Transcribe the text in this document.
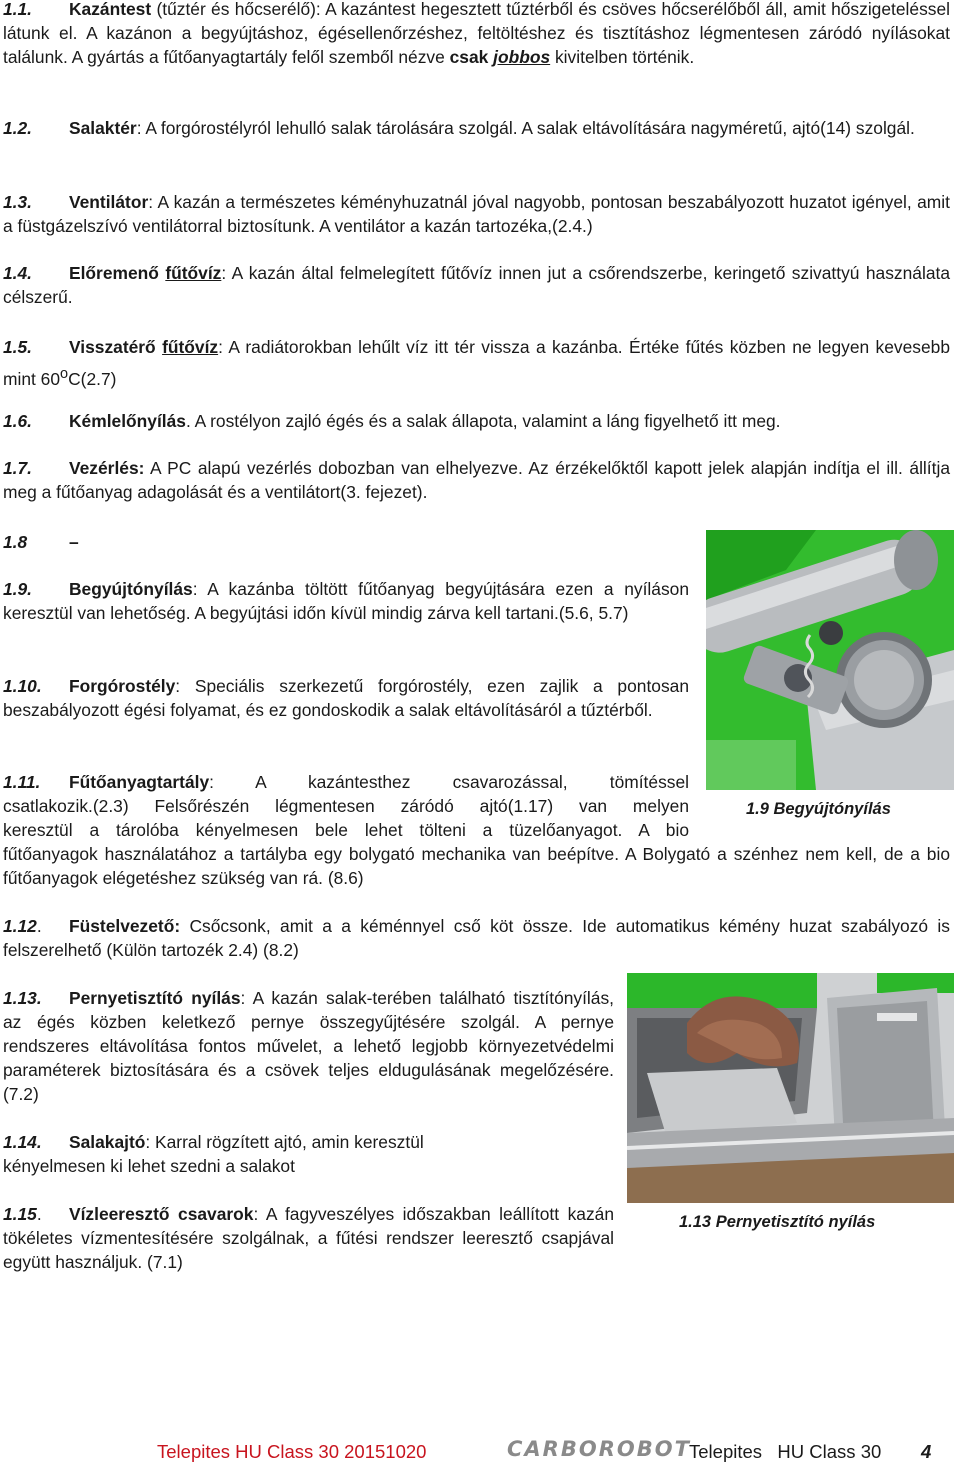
1.1. Kazántest (tűztér és hőcserélő): A kazántest hegesztett tűztérből és csöves hőcserélőből áll, amit hőszigeteléssel látunk el. A kazánon a begyújtáshoz, égésellenőrzéshez, feltöltéshez és tisztításhoz légmentesen záródó nyílásokat találunk. A gyártás a fűtőanyagtartály felől szemből nézve csak jobbos kivitelben történik.

1.2. Salaktér: A forgórostélyról lehulló salak tárolására szolgál. A salak eltávolítására nagyméretű, ajtó(14) szolgál.

1.3. Ventilátor: A kazán a természetes kéményhuzatnál jóval nagyobb, pontosan beszabályozott huzatot igényel, amit a füstgázelszívó ventilátorral biztosítunk. A ventilátor a kazán tartozéka,(2.4.)

1.4. Előremenő fűtővíz: A kazán által felmelegített fűtővíz innen jut a csőrendszerbe, keringető szivattyú használata célszerű.

1.5. Visszatérő fűtővíz: A radiátorokban lehűlt víz itt tér vissza a kazánba. Értéke fűtés közben ne legyen kevesebb mint 60$^o$C(2.7)

1.6. Kémlelőnyílás. A rostélyon zajló égés és a salak állapota, valamint a láng figyelhető itt meg.

1.7. Vezérlés: A PC alapú vezérlés dobozban van elhelyezve. Az érzékelőktől kapott jelek alapján indítja el ill. állítja meg a fűtőanyag adagolását és a ventilátort(3. fejezet).

1.8 –

1.9. Begyújtónyílás: A kazánba töltött fűtőanyag begyújtására ezen a nyíláson keresztül van lehetőség. A begyújtási időn kívül mindig zárva kell tartani.(5.6, 5.7)

1.10. Forgórostély: Speciális szerkezetű forgórostély, ezen zajlik a pontosan beszabályozott égési folyamat, és ez gondoskodik a salak eltávolításáról a tűztérből.

1.11. Fűtőanyagtartály: A kazántesthez csavarozással, tömítéssel
csatlakozik.(2.3) Felsőrészén légmentesen záródó ajtó(1.17) van melyen
keresztül a tárolóba kényelmesen bele lehet tölteni a tüzelőanyagot. A bio

fűtőanyagok használatához a tartályba egy bolygató mechanika van beépítve. A Bolygató a szénhez nem kell, de a bio fűtőanyagok elégetéshez szükség van rá. (8.6)

1.12. Füstelvezető: Csőcsonk, amit a a kéménnyel cső köt össze. Ide automatikus kémény huzat szabályozó is felszerelhető (Külön tartozék 2.4) (8.2)

1.13. Pernyetisztító nyílás: A kazán salak-terében található tisztítónyílás, az égés közben keletkező pernye összegyűjtésére szolgál. A pernye rendszeres eltávolítása fontos művelet, a lehető legjobb környezetvédelmi paraméterek biztosítására és a csövek teljes eldugulásának megelőzésére.(7.2)

1.14. Salakajtó: Karral rögzített ajtó, amin keresztül kényelmesen ki lehet szedni a salakot

1.15. Vízleeresztő csavarok: A fagyveszélyes időszakban leállított kazán tökéletes vízmentesítésére szolgálnak, a fűtési rendszer leeresztő csapjával együtt használjuk. (7.1)

1.9 Begyújtónyílás
1.13 Pernyetisztító nyílás
Telepites HU Class 30 20151020	CARBOROBOT
Telepites   HU Class 30 4
